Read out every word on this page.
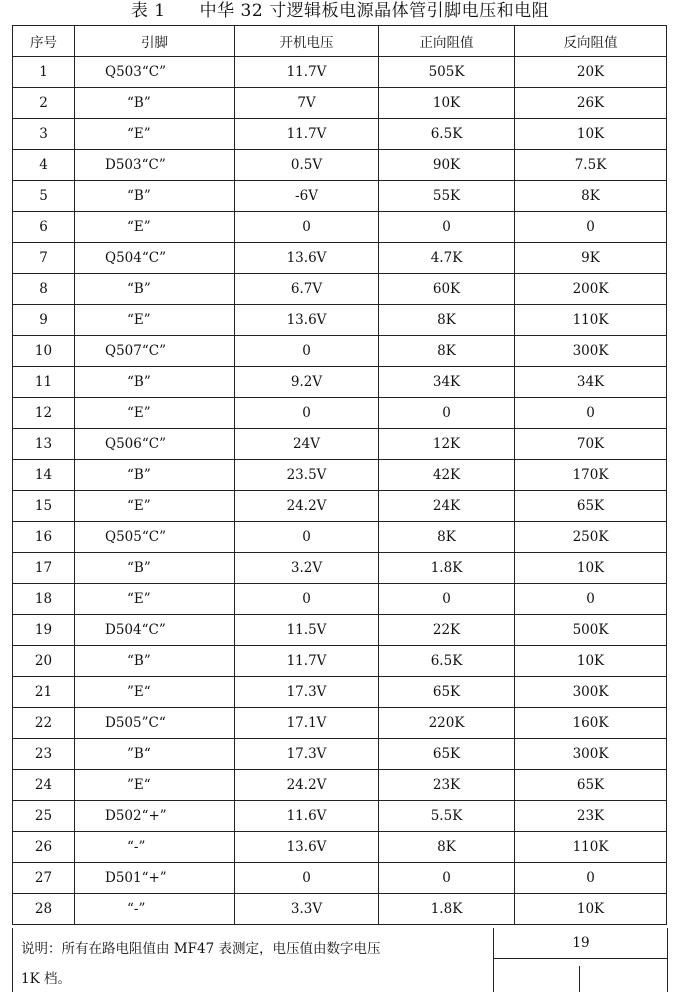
表 1 中华 32 寸逻辑板电源晶体管引脚电压和电阻
序号	引脚	开机电压	正向阻值	反向阻值
1	Q503“C”	11.7V	505K	20K
2	“B”	7V	10K	26K
3	“E”	11.7V	6.5K	10K
4	D503“C”	0.5V	90K	7.5K
5	“B”	-6V	55K	8K
6	“E”	0	0	0
7	Q504“C”	13.6V	4.7K	9K
8	“B”	6.7V	60K	200K
9	“E”	13.6V	8K	110K
10	Q507“C”	0	8K	300K
11	“B”	9.2V	34K	34K
12	“E”	0	0	0
13	Q506“C”	24V	12K	70K
14	“B”	23.5V	42K	170K
15	“E”	24.2V	24K	65K
16	Q505“C”	0	8K	250K
17	“B”	3.2V	1.8K	10K
18	“E”	0	0	0
19	D504“C”	11.5V	22K	500K
20	“B”	11.7V	6.5K	10K
21	”E“	17.3V	65K	300K
22	D505”C“	17.1V	220K	160K
23	”B“	17.3V	65K	300K
24	”E“	24.2V	23K	65K
25	D502“+”	11.6V	5.5K	23K
26	“-”	13.6V	8K	110K
27	D501“+”	0	0	0
28	“-”	3.3V	1.8K	10K
说明：所有在路电阻值由 MF47 表测定，电压值由数字电压
1K 档。
19
